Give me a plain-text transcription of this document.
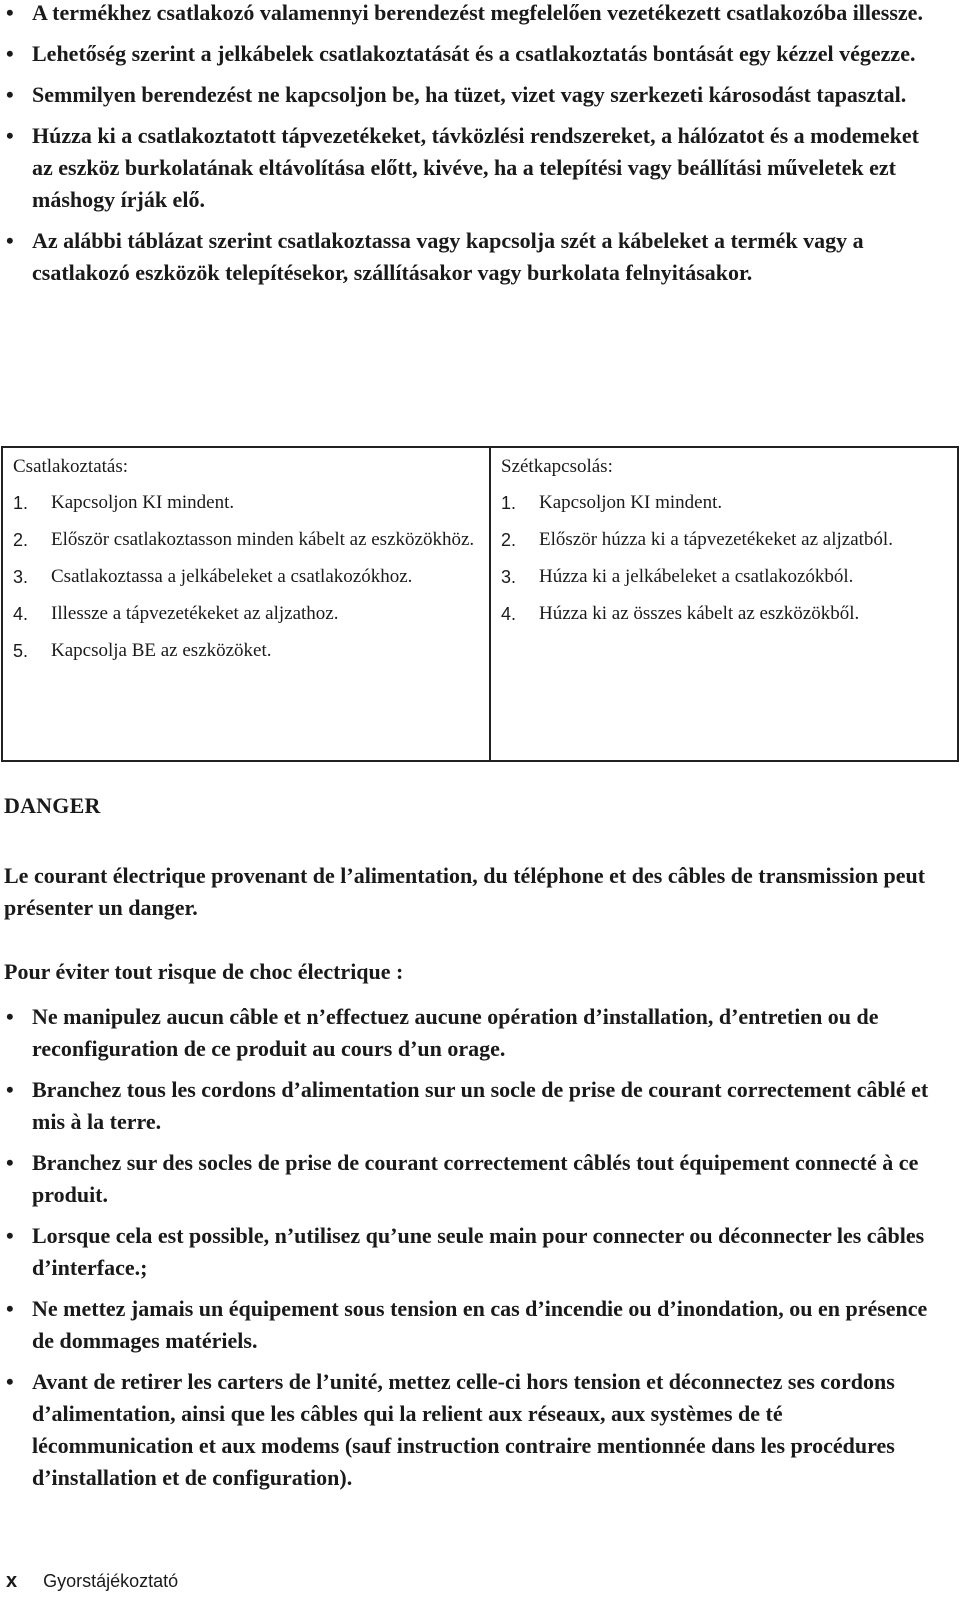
• A termékhez csatlakozó valamennyi berendezést megfelelően vezetékezett csatlakozóba illessze.
• Lehetőség szerint a jelkábelek csatlakoztatását és a csatlakoztatás bontását egy kézzel végezze.
• Semmilyen berendezést ne kapcsoljon be, ha tüzet, vizet vagy szerkezeti károsodást tapasztal.
• Húzza ki a csatlakoztatott tápvezetékeket, távközlési rendszereket, a hálózatot és a modemeket az eszköz burkolatának eltávolítása előtt, kivéve, ha a telepítési vagy beállítási műveletek ezt máshogy írják elő.
• Az alábbi táblázat szerint csatlakoztassa vagy kapcsolja szét a kábeleket a termék vagy a csatlakozó eszközök telepítésekor, szállításakor vagy burkolata felnyitásakor.
Csatlakoztatás:
1. Kapcsoljon KI mindent.
2. Először csatlakoztasson minden kábelt az eszközökhöz.
3. Csatlakoztassa a jelkábeleket a csatlakozókhoz.
4. Illessze a tápvezetékeket az aljzathoz.
5. Kapcsolja BE az eszközöket.
Szétkapcsolás:
1. Kapcsoljon KI mindent.
2. Először húzza ki a tápvezetékeket az aljzatból.
3. Húzza ki a jelkábeleket a csatlakozókból.
4. Húzza ki az összes kábelt az eszközökből.
DANGER
Le courant électrique provenant de l’alimentation, du téléphone et des câbles de transmission peut présenter un danger.
Pour éviter tout risque de choc électrique :
• Ne manipulez aucun câble et n’effectuez aucune opération d’installation, d’entretien ou de reconfiguration de ce produit au cours d’un orage.
• Branchez tous les cordons d’alimentation sur un socle de prise de courant correctement câblé et mis à la terre.
• Branchez sur des socles de prise de courant correctement câblés tout équipement connecté à ce produit.
• Lorsque cela est possible, n’utilisez qu’une seule main pour connecter ou déconnecter les câbles d’interface.;
• Ne mettez jamais un équipement sous tension en cas d’incendie ou d’inondation, ou en présence de dommages matériels.
• Avant de retirer les carters de l’unité, mettez celle-ci hors tension et déconnectez ses cordons d’alimentation, ainsi que les câbles qui la relient aux réseaux, aux systèmes de té lécommunication et aux modems (sauf instruction contraire mentionnée dans les procédures d’installation et de configuration).
x Gyorstájékoztató
